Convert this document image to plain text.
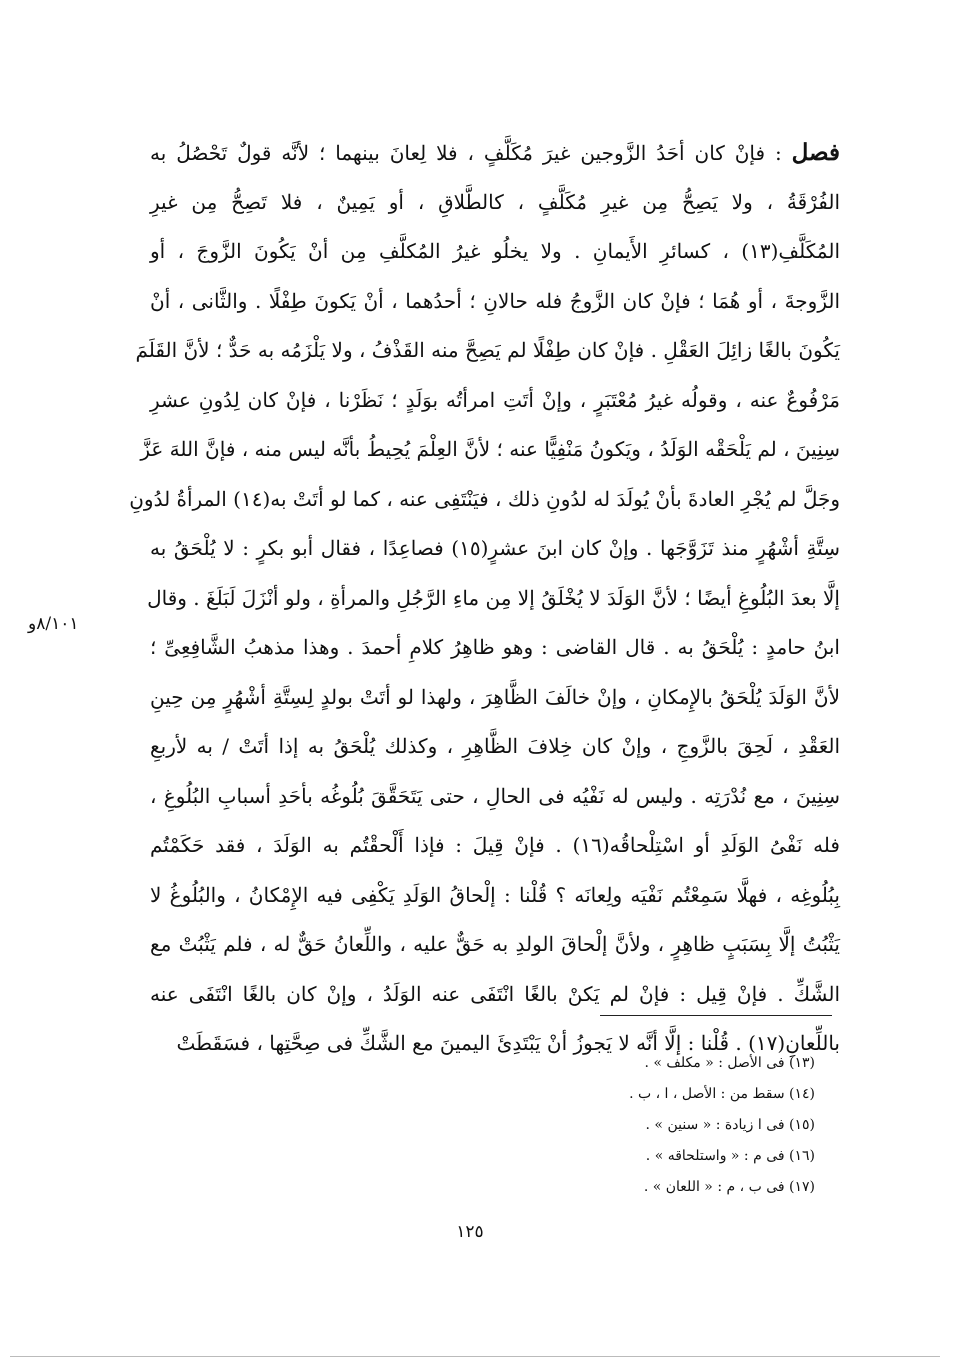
فصل : فإنْ كان أحَدُ الزَّوجين غيرَ مُكَلَّفٍ ، فلا لِعانَ بينهما ؛ لأنَّه قولٌ تَحْصُلُ به
الفُرْقَةُ ، ولا يَصِحُّ مِن غيرِ مُكَلَّفٍ ، كالطَّلاقِ ، أو يَمِينٌ ، فلا تَصِحُّ مِن غيرِ
المُكَلَّفِ(١٣) ، كسائرِ الأَيمانِ . ولا يخلُو غيرُ المُكلَّفِ مِن أنْ يَكُونَ الزَّوجَ ، أو
الزَّوجةَ ، أو هُمَا ؛ فإنْ كان الزَّوجُ فله حالانِ ؛ أحدُهما ، أنْ يَكونَ طِفْلًا . والثَّانى ، أنْ
يَكُونَ بالغًا زائِلَ العَقْلِ . فإنْ كان طِفْلًا لم يَصِحَّ منه القَذْفُ ، ولا يَلْزَمُه به حَدٌّ ؛ لأنَّ القَلَمَ
مَرْفُوعٌ عنه ، وقولُه غيرُ مُعْتَبَرٍ ، وإنْ أتَتِ امرأتُه بوَلَدٍ ؛ نَظَرْنا ، فإنْ كان لِدُونِ عشرِ
سِنِينَ ، لم يَلْحَقْه الوَلَدُ ، ويَكونُ مَنْفِيًّا عنه ؛ لأنَّ العِلْمَ يُحِيطُ بأنَّه ليس منه ، فإنَّ اللهَ عَزَّ
وجَلَّ لم يُجْرِ العادةَ بأنْ يُولَدَ له لدُونِ ذلك ، فيَنْتَفِى عنه ، كما لو أتَتْ به(١٤) المرأةُ لدُونِ
سِتَّةِ أشْهُرٍ منذ تَزَوَّجَها . وإنْ كان ابنَ عشرٍ(١٥) فصاعِدًا ، فقال أبو بكرٍ : لا يُلْحَقُ به
إلَّا بعدَ البُلُوغِ أيضًا ؛ لأنَّ الوَلَدَ لا يُخْلَقُ إلا مِن ماءِ الرَّجُلِ والمرأةِ ، ولو أنْزَلَ لَبَلَغَ . وقال
ابنُ حامدٍ : يُلْحَقُ به . قال القاضى : وهو ظاهِرُ كلامِ أحمدَ . وهذا مذهبُ الشَّافِعِىِّ ؛
لأنَّ الوَلَدَ يُلْحَقُ بالإِمكانِ ، وإنْ خالَفَ الظَّاهِرَ ، ولهذا لو أتَتْ بولدٍ لِسِتَّةِ أشْهُرٍ مِن حِينِ
العَقْدِ ، لَحِقَ بالزَّوجِ ، وإنْ كان خِلافَ الظَّاهِرِ ، وكذلك يُلْحَقُ به إذا أتَتْ / به لأربعِ
سِنِينَ ، مع نُدْرَتِه . وليس له نَفْيُه فى الحالِ ، حتى يَتَحَقَّقَ بُلُوغُه بأحَدِ أسبابِ البُلُوغِ ،
فله نَفْىُ الوَلَدِ أو اسْتِلْحاقُه(١٦) . فإنْ قِيلَ : فإذا أَلْحقْتُم به الوَلَدَ ، فقد حَكَمْتُم
بِبُلُوغِه ، فهلَّا سَمِعْتُم نَفْيَه ولِعانَه ؟ قُلْنا : إلْحاقُ الوَلَدِ يَكْفِى فيه الإِمْكانُ ، والبُلُوغُ لا
يَثْبُتُ إلَّا بِسَبَبٍ ظاهِرٍ ، ولأنَّ إلْحاقَ الولدِ به حَقٌّ عليه ، واللِّعانُ حَقٌّ له ، فلم يَثْبُتْ مع
الشَّكِّ . فإنْ قِيل : فإنْ لم يَكنْ بالغًا انْتَفَى عنه الوَلَدُ ، وإنْ كان بالغًا انْتَفَى عنه
باللِّعانِ(١٧) . قُلْنا : إلَّا أنَّه لا يَجوزُ أنْ يَبْتَدِئَ اليمينَ مع الشَّكِّ فى صِحَّتِها ، فسَقَطَتْ
٨/١٠١و
(١٣) فى الأصل : « مكلف » .
(١٤) سقط من : الأصل ، ا ، ب .
(١٥) فى ا زيادة : « سنين » .
(١٦) فى م : « واستلحاقه » .
(١٧) فى ب ، م : « اللعان » .
١٢٥
